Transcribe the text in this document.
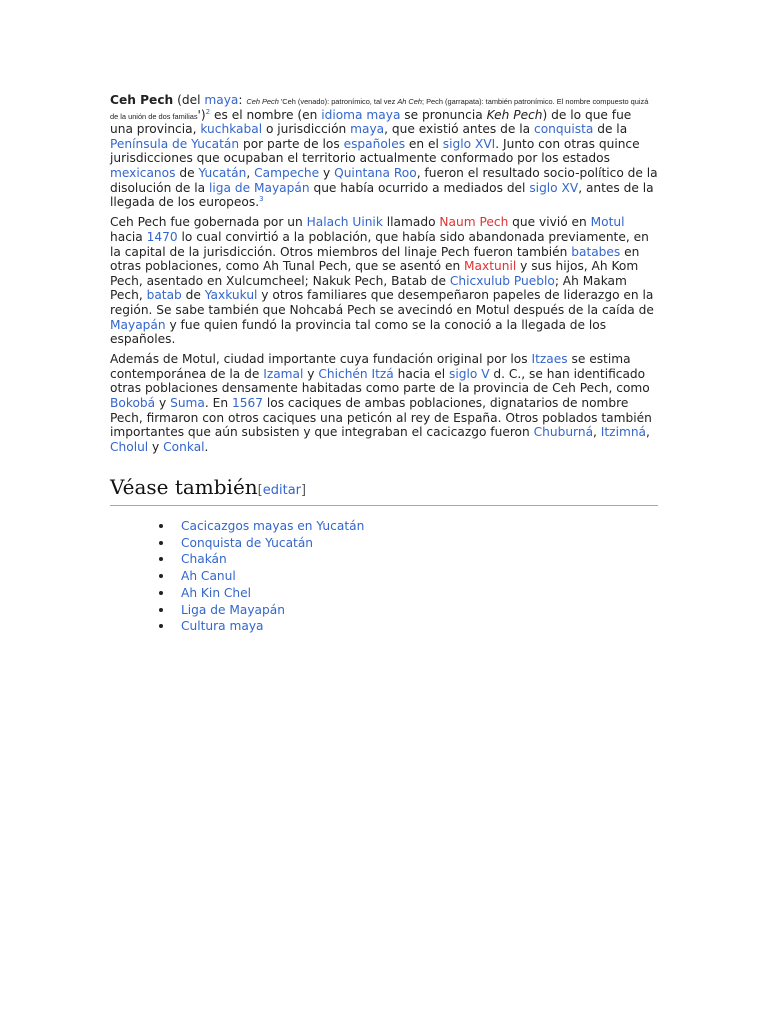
Ceh Pech (del maya: Ceh Pech 'Ceh (venado): patronímico, tal vez Ah Ceh; Pech (garrapata): también patronímico. El nombre compuesto quizá de la unión de dos familias')$^2$ es el nombre (en idioma maya se pronuncia Keh Pech) de lo que fue una provincia, kuchkabal o jurisdicción maya, que existió antes de la conquista de la Península de Yucatán por parte de los españoles en el siglo XVI. Junto con otras quince jurisdicciones que ocupaban el territorio actualmente conformado por los estados mexicanos de Yucatán, Campeche y Quintana Roo, fueron el resultado socio-político de la disolución de la liga de Mayapán que había ocurrido a mediados del siglo XV, antes de la llegada de los europeos.$^3$

Ceh Pech fue gobernada por un Halach Uinik llamado Naum Pech que vivió en Motul hacia 1470 lo cual convirtió a la población, que había sido abandonada previamente, en la capital de la jurisdicción. Otros miembros del linaje Pech fueron también batabes en otras poblaciones, como Ah Tunal Pech, que se asentó en Maxtunil y sus hijos, Ah Kom Pech, asentado en Xulcumcheel; Nakuk Pech, Batab de Chicxulub Pueblo; Ah Makam Pech, batab de Yaxkukul y otros familiares que desempeñaron papeles de liderazgo en la región. Se sabe también que Nohcabá Pech se avecindó en Motul después de la caída de Mayapán y fue quien fundó la provincia tal como se la conoció a la llegada de los españoles.

Además de Motul, ciudad importante cuya fundación original por los Itzaes se estima contemporánea de la de Izamal y Chichén Itzá hacia el siglo V d. C., se han identificado otras poblaciones densamente habitadas como parte de la provincia de Ceh Pech, como Bokobá y Suma. En 1567 los caciques de ambas poblaciones, dignatarios de nombre Pech, firmaron con otros caciques una peticón al rey de España. Otros poblados también importantes que aún subsisten y que integraban el cacicazgo fueron Chuburná, Itzimná, Cholul y Conkal.

Véase también[editar]
Cacicazgos mayas en Yucatán
Conquista de Yucatán
Chakán
Ah Canul
Ah Kin Chel
Liga de Mayapán
Cultura maya
